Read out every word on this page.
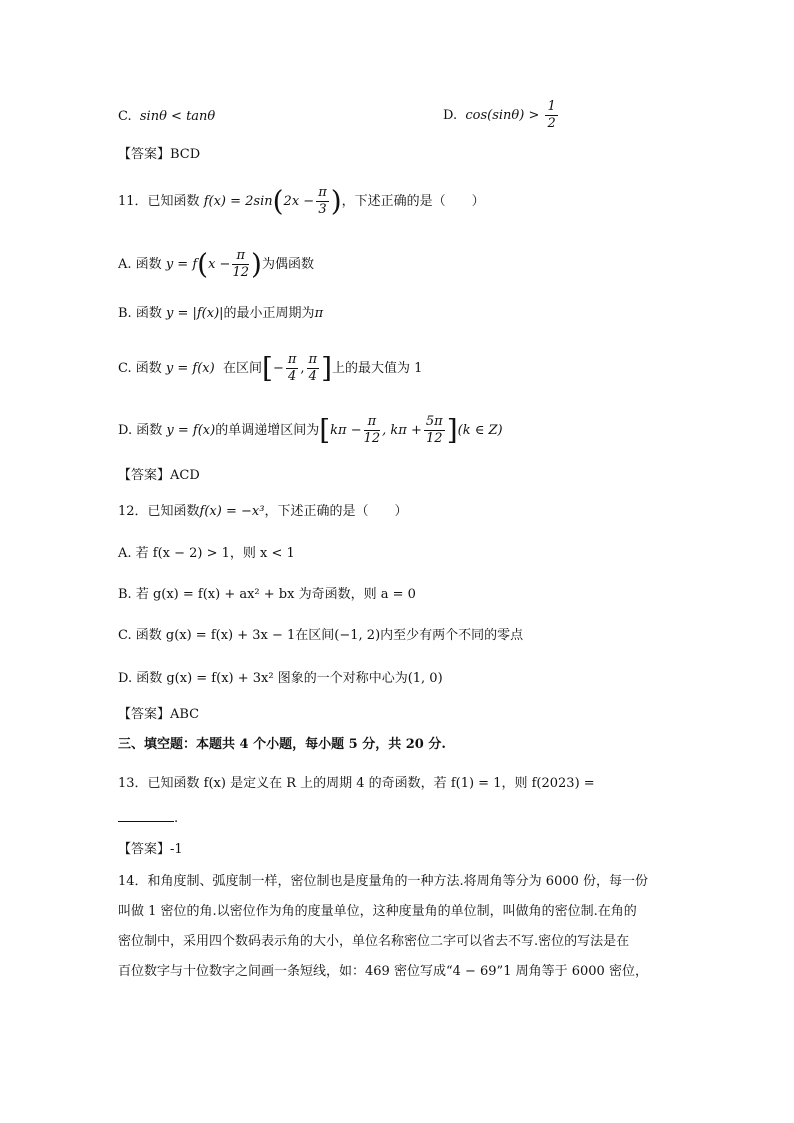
C. sinθ < tanθ	D. $\cos(\sin\theta) > \frac{1}{2}$
【答案】BCD
11．已知函数 $f(x) = 2\sin(2x - \frac{\pi}{3}$ )，下述正确的是（　　）
A. 函数 $y = f(x - \frac{\pi}{12}$ )为偶函数
B. 函数 y = |f(x)|的最小正周期为π
C. 函数 y = f(x) 在区间[− $\frac{\pi}{4}$ , $\frac{\pi}{4}$ ]上的最大值为 1
D. 函数 y = f(x)的单调递增区间为[$k\pi - \frac{\pi}{12}$ , $k\pi + \frac{5\pi}{12} ](k$ ∈ Z)
【答案】ACD
12．已知函数f(x) = −x³，下述正确的是（　　）
A. 若 f(x − 2) > 1，则 x < 1
B. 若 g(x) = f(x) + ax² + bx 为奇函数，则 a = 0
C. 函数 g(x) = f(x) + 3x − 1在区间(−1, 2)内至少有两个不同的零点
D. 函数 g(x) = f(x) + 3x² 图象的一个对称中心为(1, 0)
【答案】ABC
三、填空题：本题共 4 个小题，每小题 5 分，共 20 分.
13．已知函数 f(x) 是定义在 R 上的周期 4 的奇函数，若 f(1) = 1，则 f(2023) =
.
【答案】-1
14．和角度制、弧度制一样，密位制也是度量角的一种方法.将周角等分为 6000 份，每一份
叫做 1 密位的角.以密位作为角的度量单位，这种度量角的单位制，叫做角的密位制.在角的
密位制中，采用四个数码表示角的大小，单位名称密位二字可以省去不写.密位的写法是在
百位数字与十位数字之间画一条短线，如：469 密位写成“4 − 69”1 周角等于 6000 密位，
